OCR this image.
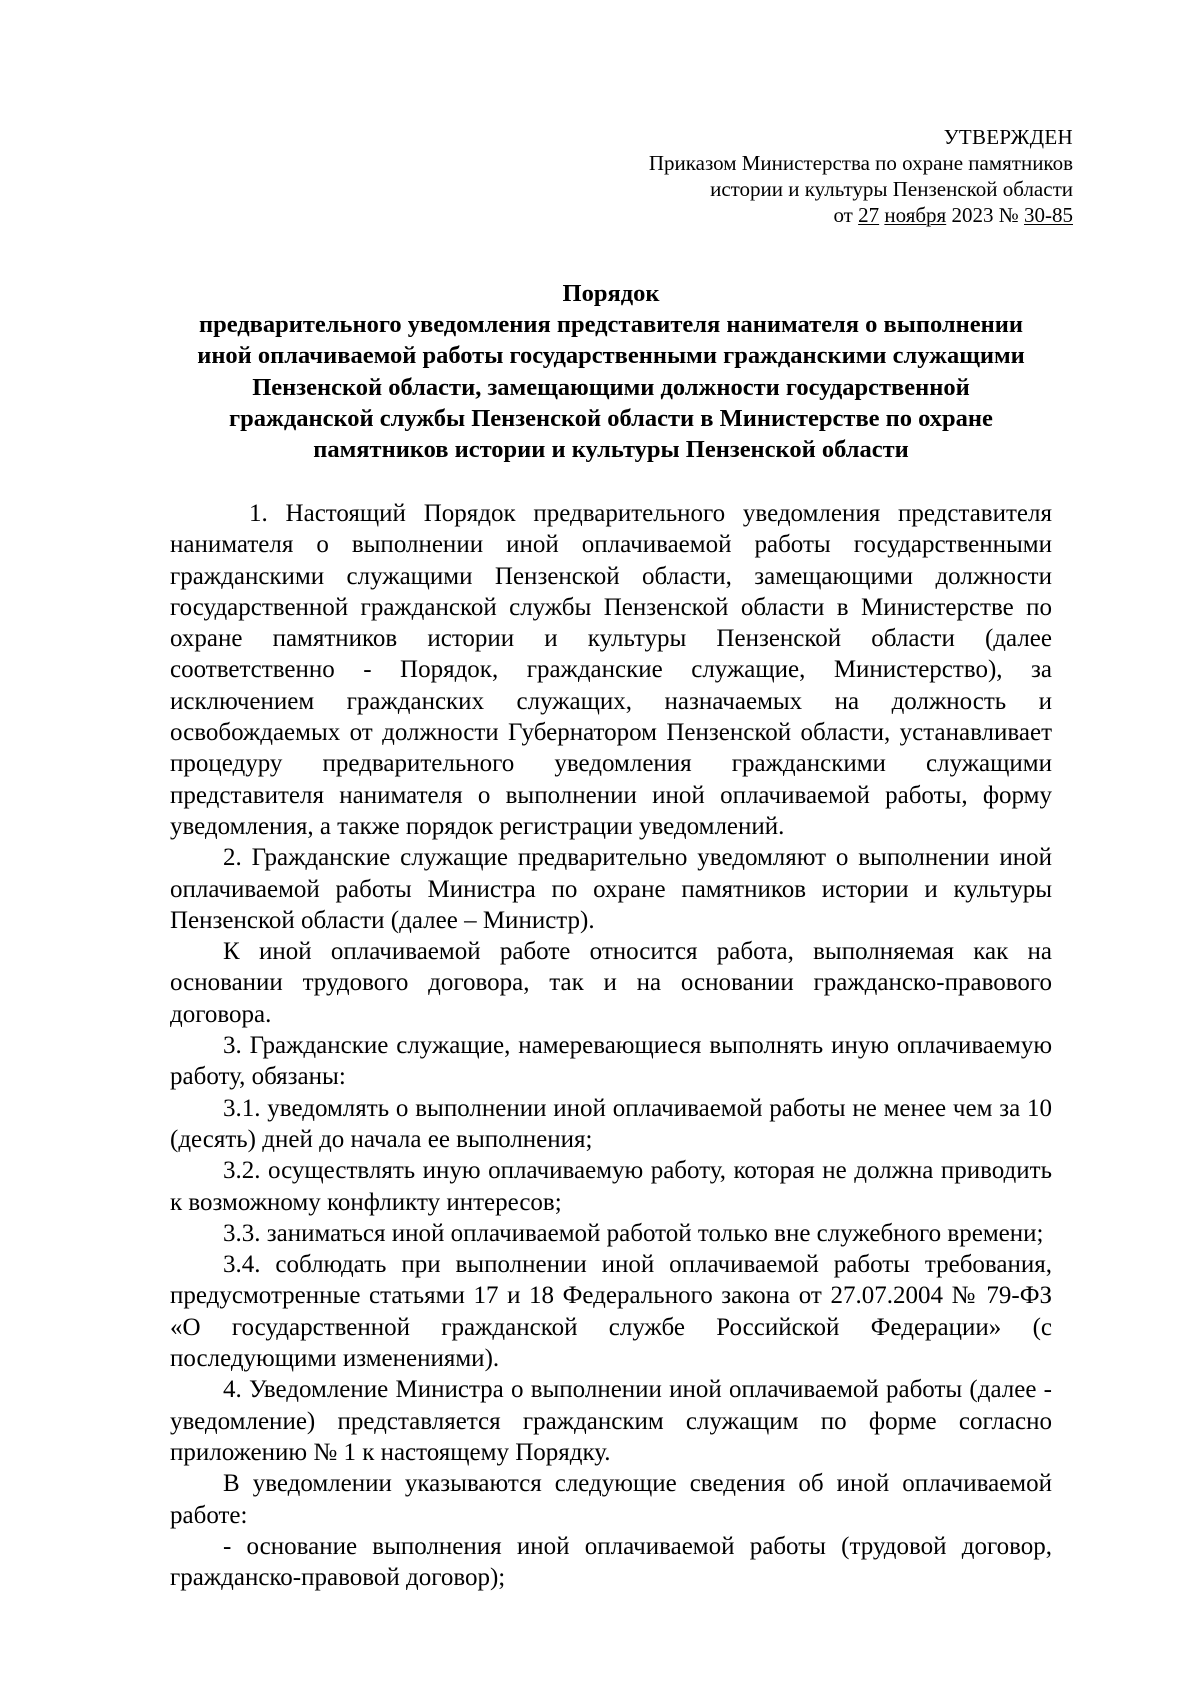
УТВЕРЖДЕН
Приказом Министерства по охране памятников
истории и культуры Пензенской области
от 27 ноября 2023 № 30-85
Порядок
предварительного уведомления представителя нанимателя о выполнении
иной оплачиваемой работы государственными гражданскими служащими
Пензенской области, замещающими должности государственной
гражданской службы Пензенской области в Министерстве по охране
памятников истории и культуры Пензенской области

1. Настоящий Порядок предварительного уведомления представителя нанимателя о выполнении иной оплачиваемой работы государственными гражданскими служащими Пензенской области, замещающими должности государственной гражданской службы Пензенской области в Министерстве по охране памятников истории и культуры Пензенской области (далее соответственно - Порядок, гражданские служащие, Министерство), за исключением гражданских служащих, назначаемых на должность и освобождаемых от должности Губернатором Пензенской области, устанавливает процедуру предварительного уведомления гражданскими служащими представителя нанимателя о выполнении иной оплачиваемой работы, форму уведомления, а также порядок регистрации уведомлений.

2. Гражданские служащие предварительно уведомляют о выполнении иной оплачиваемой работы Министра по охране памятников истории и культуры Пензенской области (далее – Министр).

К иной оплачиваемой работе относится работа, выполняемая как на основании трудового договора, так и на основании гражданско-правового договора.

3. Гражданские служащие, намеревающиеся выполнять иную оплачиваемую работу, обязаны:

3.1. уведомлять о выполнении иной оплачиваемой работы не менее чем за 10 (десять) дней до начала ее выполнения;

3.2. осуществлять иную оплачиваемую работу, которая не должна приводить к возможному конфликту интересов;

3.3. заниматься иной оплачиваемой работой только вне служебного времени;

3.4. соблюдать при выполнении иной оплачиваемой работы требования, предусмотренные статьями 17 и 18 Федерального закона от 27.07.2004 № 79-ФЗ «О государственной гражданской службе Российской Федерации» (с последующими изменениями).

4. Уведомление Министра о выполнении иной оплачиваемой работы (далее - уведомление) представляется гражданским служащим по форме согласно приложению № 1 к настоящему Порядку.

В уведомлении указываются следующие сведения об иной оплачиваемой работе:

- основание выполнения иной оплачиваемой работы (трудовой договор, гражданско-правовой договор);
